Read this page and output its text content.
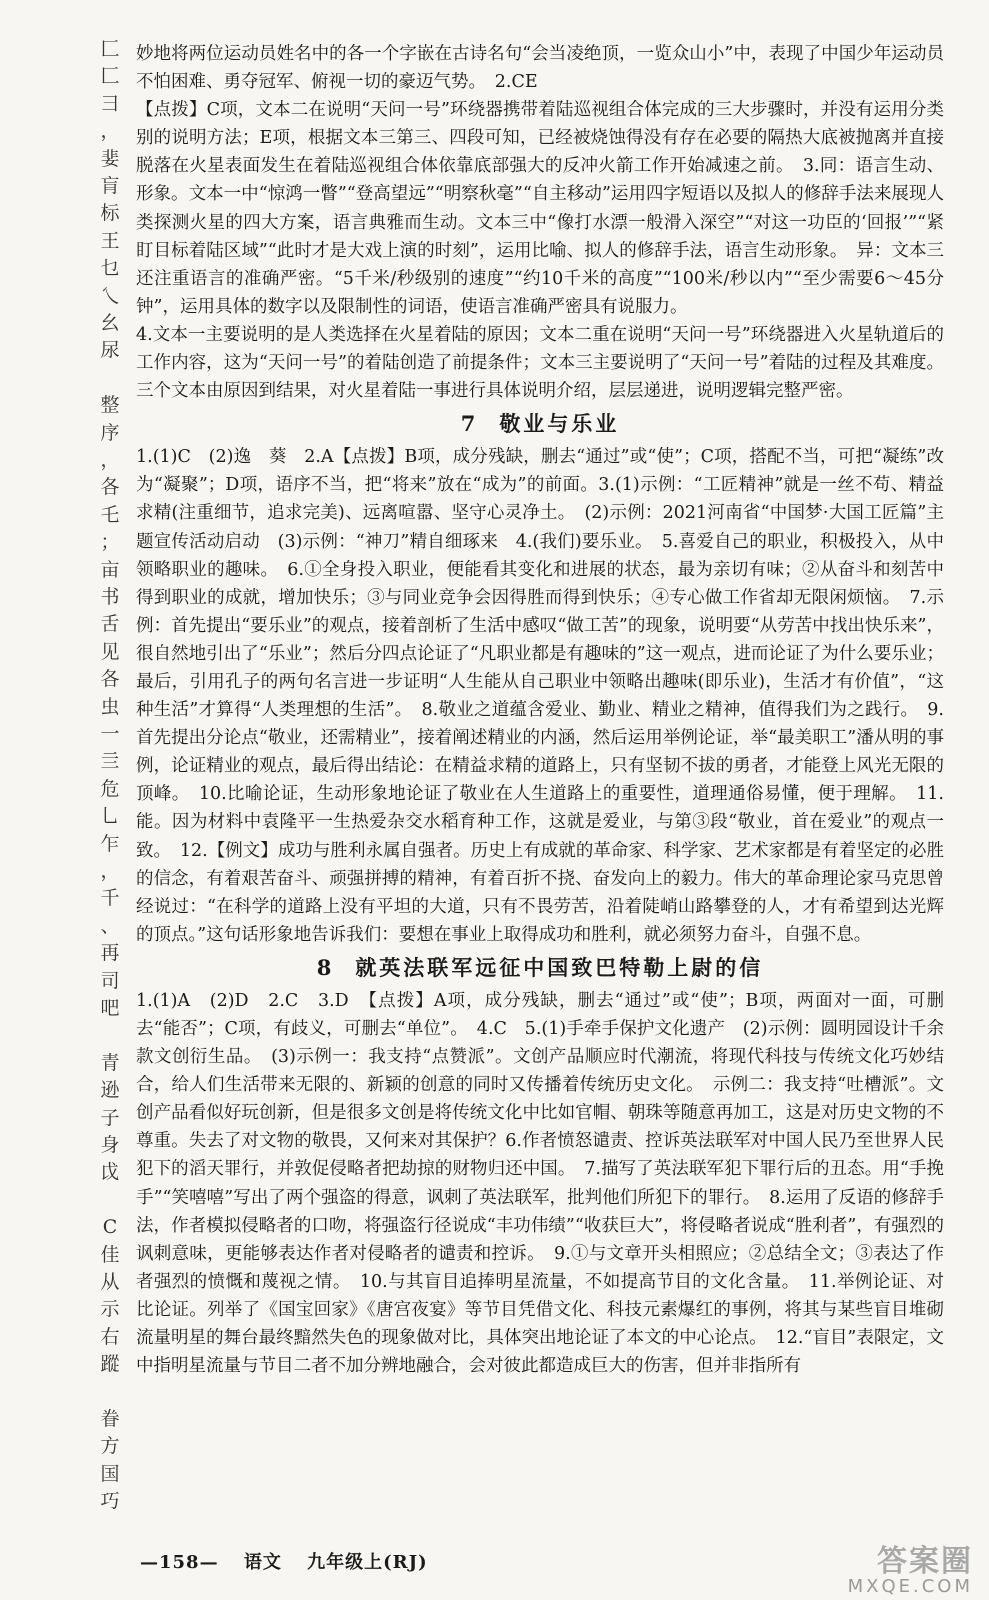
匚
匚
彐
，
婓
肓
标
王
乜
乀
幺
尿
整
序
，
各
乇
；
亩
书
舌
见
各
虫
一
亖
危
乚
乍
，
千
、
再
司
吧
青
逊
子
身
戉
C
佳
从
示
右
蹤
眷
方
国
巧

妙地将两位运动员姓名中的各一个字嵌在古诗名句“会当凌绝顶，一览众山小”中，表现了中国少年运动员不怕困难、勇夺冠军、俯视一切的豪迈气势。　2.CE

【点拨】C项，文本二在说明“天问一号”环绕器携带着陆巡视组合体完成的三大步骤时，并没有运用分类别的说明方法；E项，根据文本三第三、四段可知，已经被烧蚀得没有存在必要的隔热大底被抛离并直接脱落在火星表面发生在着陆巡视组合体依靠底部强大的反冲火箭工作开始减速之前。　3.同：语言生动、形象。文本一中“惊鸿一瞥”“登高望远”“明察秋毫”“自主移动”运用四字短语以及拟人的修辞手法来展现人类探测火星的四大方案，语言典雅而生动。文本三中“像打水漂一般滑入深空”“对这一功臣的‘回报’”“紧盯目标着陆区域”“此时才是大戏上演的时刻”，运用比喻、拟人的修辞手法，语言生动形象。　异：文本三还注重语言的准确严密。“5千米/秒级别的速度”“约10千米的高度”“100米/秒以内”“至少需要6～45分钟”，运用具体的数字以及限制性的词语，使语言准确严密具有说服力。

4.文本一主要说明的是人类选择在火星着陆的原因；文本二重在说明“天问一号”环绕器进入火星轨道后的工作内容，这为“天问一号”的着陆创造了前提条件；文本三主要说明了“天问一号”着陆的过程及其难度。三个文本由原因到结果，对火星着陆一事进行具体说明介绍，层层递进，说明逻辑完整严密。

7 敬业与乐业

1.(1)C　(2)逸　葵　2.A【点拨】B项，成分残缺，删去“通过”或“使”；C项，搭配不当，可把“凝练”改为“凝聚”；D项，语序不当，把“将来”放在“成为”的前面。3.(1)示例：“工匠精神”就是一丝不苟、精益求精(注重细节，追求完美)、远离喧嚣、坚守心灵净土。　(2)示例：2021河南省“中国梦·大国工匠篇”主题宣传活动启动　(3)示例：“神刀”精自细琢来　4.(我们)要乐业。　5.喜爱自己的职业，积极投入，从中领略职业的趣味。　6.①全身投入职业，便能看其变化和进展的状态，最为亲切有味；②从奋斗和刻苦中得到职业的成就，增加快乐；③与同业竞争会因得胜而得到快乐；④专心做工作省却无限闲烦恼。　7.示例：首先提出“要乐业”的观点，接着剖析了生活中感叹“做工苦”的现象，说明要“从劳苦中找出快乐来”，很自然地引出了“乐业”；然后分四点论证了“凡职业都是有趣味的”这一观点，进而论证了为什么要乐业；最后，引用孔子的两句名言进一步证明“人生能从自己职业中领略出趣味(即乐业)，生活才有价值”，“这种生活”才算得“人类理想的生活”。　8.敬业之道蕴含爱业、勤业、精业之精神，值得我们为之践行。　9.首先提出分论点“敬业，还需精业”，接着阐述精业的内涵，然后运用举例论证，举“最美职工”潘从明的事例，论证精业的观点，最后得出结论：在精益求精的道路上，只有坚韧不拔的勇者，才能登上风光无限的顶峰。　10.比喻论证，生动形象地论证了敬业在人生道路上的重要性，道理通俗易懂，便于理解。　11.能。因为材料中袁隆平一生热爱杂交水稻育种工作，这就是爱业，与第③段“敬业，首在爱业”的观点一致。　12.【例文】成功与胜利永属自强者。历史上有成就的革命家、科学家、艺术家都是有着坚定的必胜的信念，有着艰苦奋斗、顽强拼搏的精神，有着百折不挠、奋发向上的毅力。伟大的革命理论家马克思曾经说过：“在科学的道路上没有平坦的大道，只有不畏劳苦，沿着陡峭山路攀登的人，才有希望到达光辉的顶点。”这句话形象地告诉我们：要想在事业上取得成功和胜利，就必须努力奋斗，自强不息。

8 就英法联军远征中国致巴特勒上尉的信

1.(1)A　(2)D　2.C　3.D　【点拨】A项，成分残缺，删去“通过”或“使”；B项，两面对一面，可删去“能否”；C项，有歧义，可删去“单位”。　4.C　5.(1)手牵手保护文化遗产　(2)示例：圆明园设计千余款文创衍生品。　(3)示例一：我支持“点赞派”。文创产品顺应时代潮流，将现代科技与传统文化巧妙结合，给人们生活带来无限的、新颖的创意的同时又传播着传统历史文化。　示例二：我支持“吐槽派”。文创产品看似好玩创新，但是很多文创是将传统文化中比如官帽、朝珠等随意再加工，这是对历史文物的不尊重。失去了对文物的敬畏，又何来对其保护？6.作者愤怒谴责、控诉英法联军对中国人民乃至世界人民犯下的滔天罪行，并敦促侵略者把劫掠的财物归还中国。　7.描写了英法联军犯下罪行后的丑态。用“手挽手”“笑嘻嘻”写出了两个强盗的得意，讽刺了英法联军，批判他们所犯下的罪行。　8.运用了反语的修辞手法，作者模拟侵略者的口吻，将强盗行径说成“丰功伟绩”“收获巨大”，将侵略者说成“胜利者”，有强烈的讽刺意味，更能够表达作者对侵略者的谴责和控诉。　9.①与文章开头相照应；②总结全文；③表达了作者强烈的愤慨和蔑视之情。　10.与其盲目追捧明星流量，不如提高节目的文化含量。　11.举例论证、对比论证。列举了《国宝回家》《唐宫夜宴》等节目凭借文化、科技元素爆红的事例，将其与某些盲目堆砌流量明星的舞台最终黯然失色的现象做对比，具体突出地论证了本文的中心论点。　12.“盲目”表限定，文中指明星流量与节目二者不加分辨地融合，会对彼此都造成巨大的伤害，但并非指所有

—158— 语文 九年级上(RJ)	答案圈
MXQE.COM
